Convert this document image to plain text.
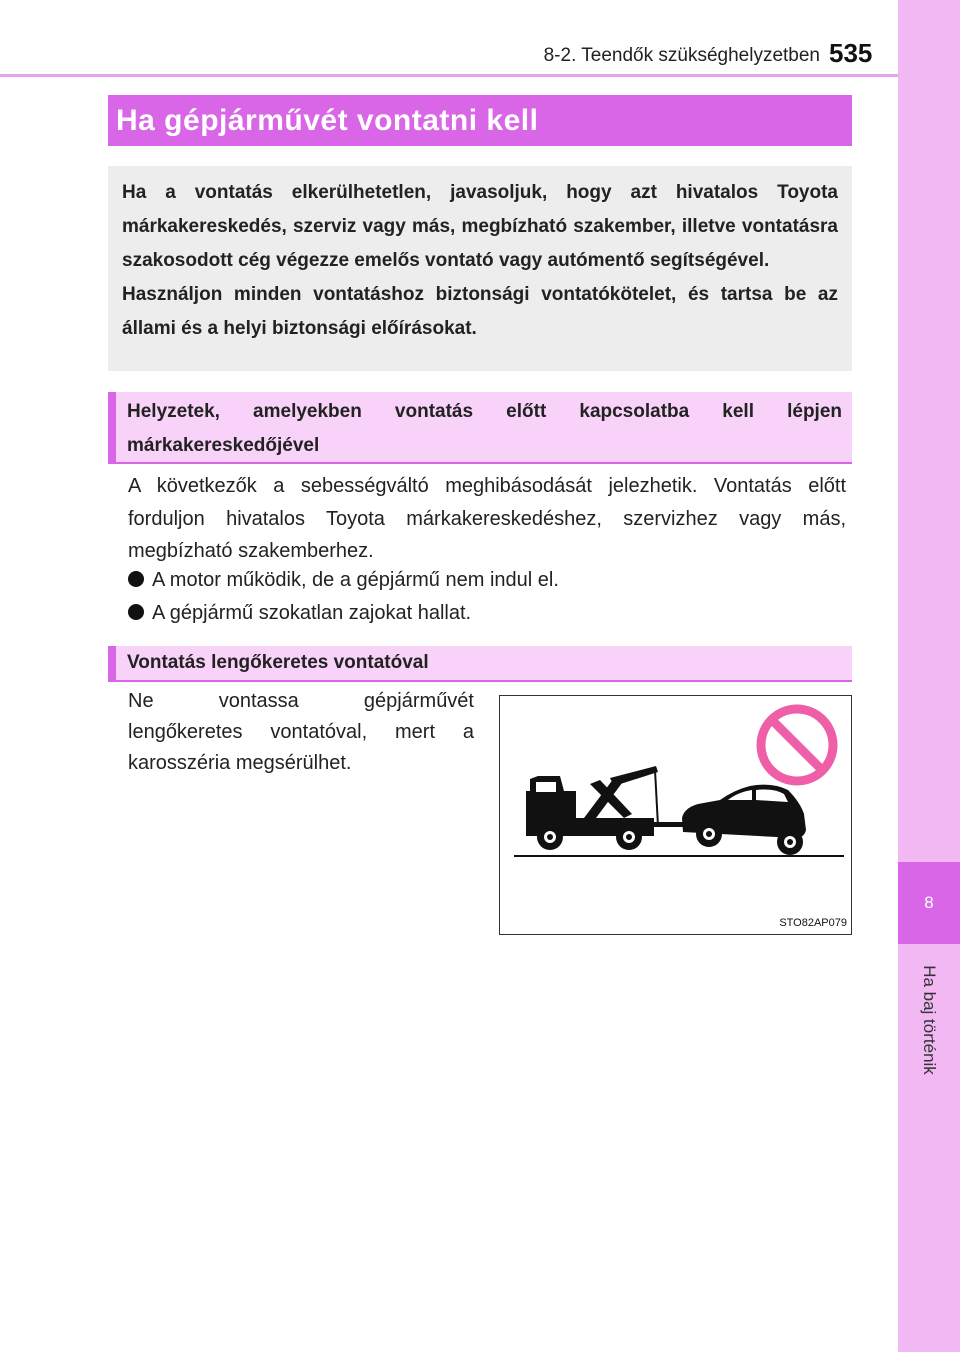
8
Ha baj történik
8-2. Teendők szükséghelyzetben 535
Ha gépjárművét vontatni kell

Ha a vontatás elkerülhetetlen, javasoljuk, hogy azt hivatalos Toyota márkakereskedés, szerviz vagy más, megbízható szakember, illetve vontatásra szakosodott cég végezze emelős vontató vagy autómentő segítségével.

Használjon minden vontatáshoz biztonsági vontatókötelet, és tartsa be az állami és a helyi biztonsági előírásokat.

Helyzetek, amelyekben vontatás előtt kapcsolatba kell lépjen márkakereskedőjével

A következők a sebességváltó meghibásodását jelezhetik. Vontatás előtt forduljon hivatalos Toyota márkakereskedéshez, szervizhez vagy más, megbízható szakemberhez.

A motor működik, de a gépjármű nem indul el.
A gépjármű szokatlan zajokat hallat.
Vontatás lengőkeretes vontatóval

Ne vontassa gépjárművét lengőkeretes vontatóval, mert a karosszéria megsérülhet.

STO82AP079
